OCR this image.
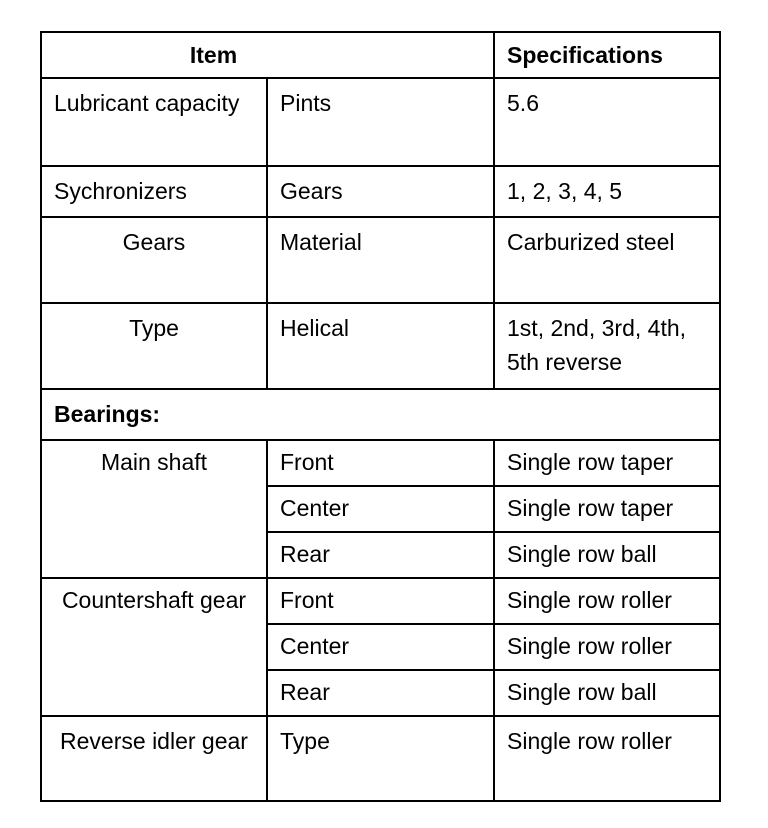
Item		Specifications
Lubricant capacity	Pints	5.6
Sychronizers	Gears	1, 2, 3, 4, 5
Gears	Material	Carburized steel
Type	Helical	1st, 2nd, 3rd, 4th, 5th reverse
Bearings:		
Main shaft	Front	Single row taper
	Center	Single row taper
	Rear	Single row ball
Countershaft gear	Front	Single row roller
	Center	Single row roller
	Rear	Single row ball
Reverse idler gear	Type	Single row roller
